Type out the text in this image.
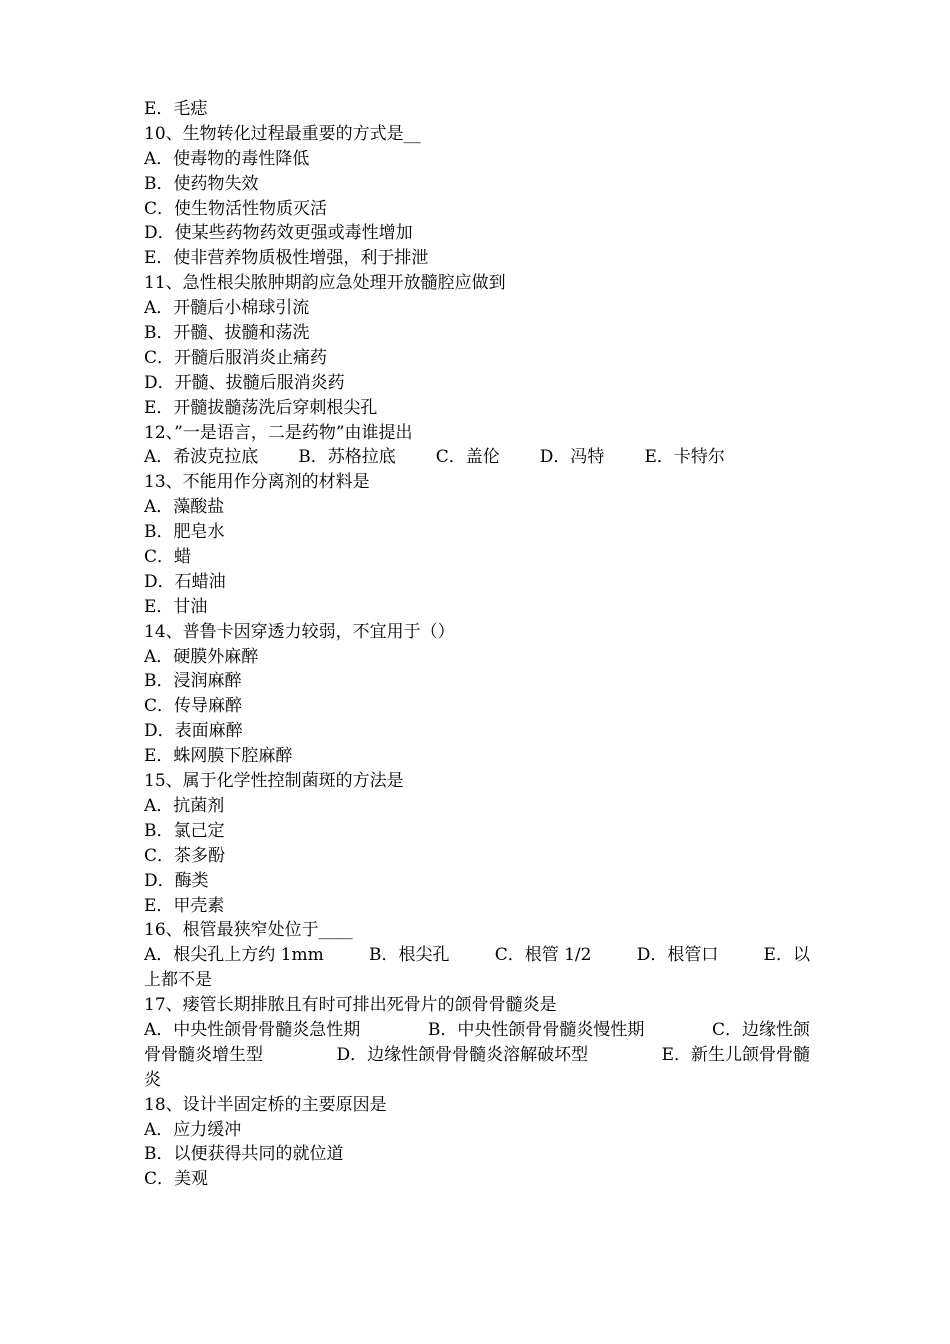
E．毛痣
10、生物转化过程最重要的方式是__
A．使毒物的毒性降低
B．使药物失效
C．使生物活性物质灭活
D．使某些药物药效更强或毒性增加
E．使非营养物质极性增强，利于排泄
11、急性根尖脓肿期韵应急处理开放髓腔应做到
A．开髓后小棉球引流
B．开髓、拔髓和荡洗
C．开髓后服消炎止痛药
D．开髓、拔髓后服消炎药
E．开髓拔髓荡洗后穿刺根尖孔
12、”一是语言，二是药物”由谁提出
A．希波克拉底 B．苏格拉底 C．盖伦 D．冯特 E．卡特尔
13、不能用作分离剂的材料是
A．藻酸盐
B．肥皂水
C．蜡
D．石蜡油
E．甘油
14、普鲁卡因穿透力较弱，不宜用于（）
A．硬膜外麻醉
B．浸润麻醉
C．传导麻醉
D．表面麻醉
E．蛛网膜下腔麻醉
15、属于化学性控制菌斑的方法是
A．抗菌剂
B．氯己定
C．茶多酚
D．酶类
E．甲壳素
16、根管最狭窄处位于____
A．根尖孔上方约 1mm	B．根尖孔	C．根管 1/2	D．根管口	E．以
上都不是
17、瘘管长期排脓且有时可排出死骨片的颌骨骨髓炎是
A．中央性颌骨骨髓炎急性期	B．中央性颌骨骨髓炎慢性期	C．边缘性颌
骨骨髓炎增生型	D．边缘性颌骨骨髓炎溶解破坏型	E．新生儿颌骨骨髓
炎
18、设计半固定桥的主要原因是
A．应力缓冲
B．以便获得共同的就位道
C．美观
